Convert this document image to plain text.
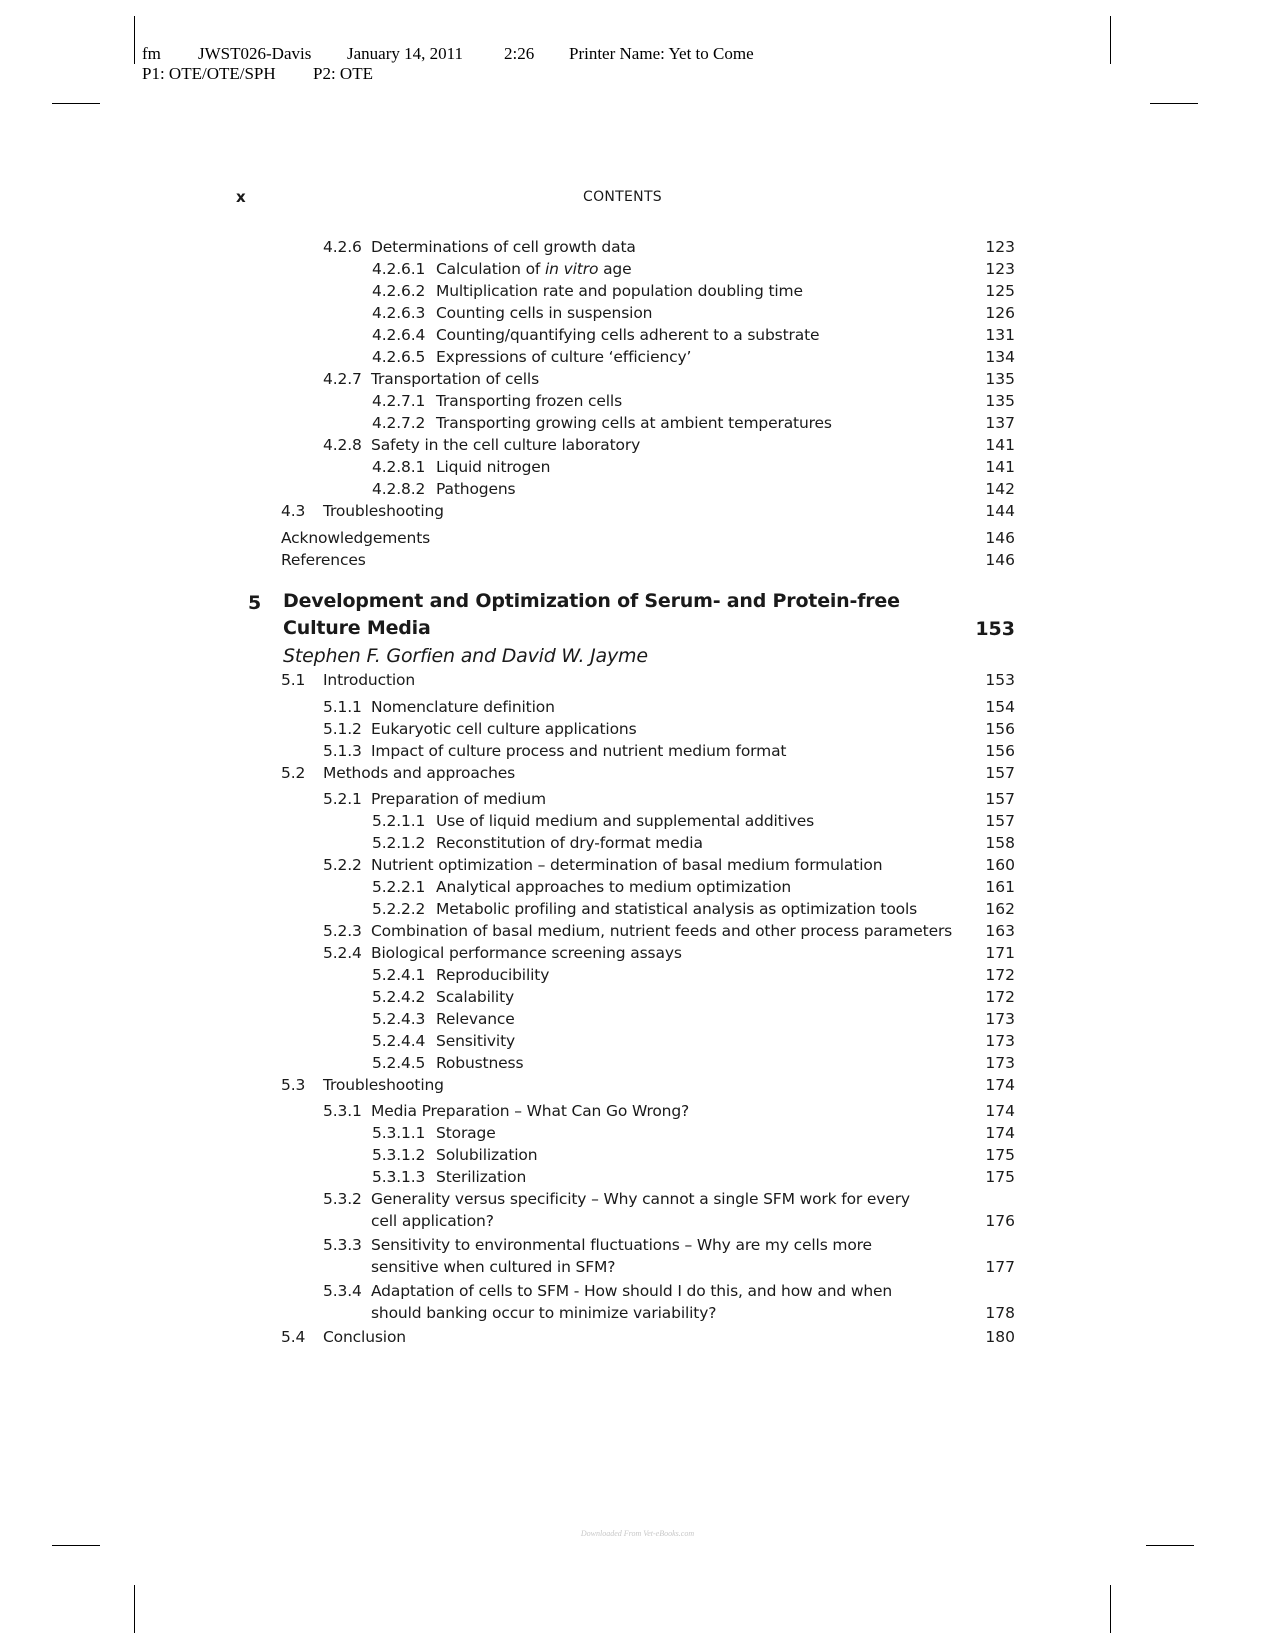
fm JWST026-Davis January 14, 2011 2:26 Printer Name: Yet to Come
P1: OTE/OTE/SPH P2: OTE
x	CONTENTS
5 Development and Optimization of Serum- and Protein-free
Culture Media	153
Stephen F. Gorfien and David W. Jayme
4.2.6 Determinations of cell growth data	123
4.2.6.1 Calculation of in vitro age	123
4.2.6.2 Multiplication rate and population doubling time	125
4.2.6.3 Counting cells in suspension	126
4.2.6.4 Counting/quantifying cells adherent to a substrate	131
4.2.6.5 Expressions of culture ‘efficiency’	134
4.2.7 Transportation of cells	135
4.2.7.1 Transporting frozen cells	135
4.2.7.2 Transporting growing cells at ambient temperatures	137
4.2.8 Safety in the cell culture laboratory	141
4.2.8.1 Liquid nitrogen	141
4.2.8.2 Pathogens	142
4.3 Troubleshooting	144
Acknowledgements	146
References	146
5.1 Introduction	153
5.1.1 Nomenclature definition	154
5.1.2 Eukaryotic cell culture applications	156
5.1.3 Impact of culture process and nutrient medium format	156
5.2 Methods and approaches	157
5.2.1 Preparation of medium	157
5.2.1.1 Use of liquid medium and supplemental additives	157
5.2.1.2 Reconstitution of dry-format media	158
5.2.2 Nutrient optimization – determination of basal medium formulation	160
5.2.2.1 Analytical approaches to medium optimization	161
5.2.2.2 Metabolic profiling and statistical analysis as optimization tools	162
5.2.3 Combination of basal medium, nutrient feeds and other process parameters	163
5.2.4 Biological performance screening assays	171
5.2.4.1 Reproducibility	172
5.2.4.2 Scalability	172
5.2.4.3 Relevance	173
5.2.4.4 Sensitivity	173
5.2.4.5 Robustness	173
5.3 Troubleshooting	174
5.3.1 Media Preparation – What Can Go Wrong?	174
5.3.1.1 Storage	174
5.3.1.2 Solubilization	175
5.3.1.3 Sterilization	175
5.3.2 Generality versus specificity – Why cannot a single SFM work for every
cell application?	176
5.3.3 Sensitivity to environmental fluctuations – Why are my cells more
sensitive when cultured in SFM?	177
5.3.4 Adaptation of cells to SFM - How should I do this, and how and when
should banking occur to minimize variability?	178
5.4 Conclusion	180
Downloaded From Vet-eBooks.com
